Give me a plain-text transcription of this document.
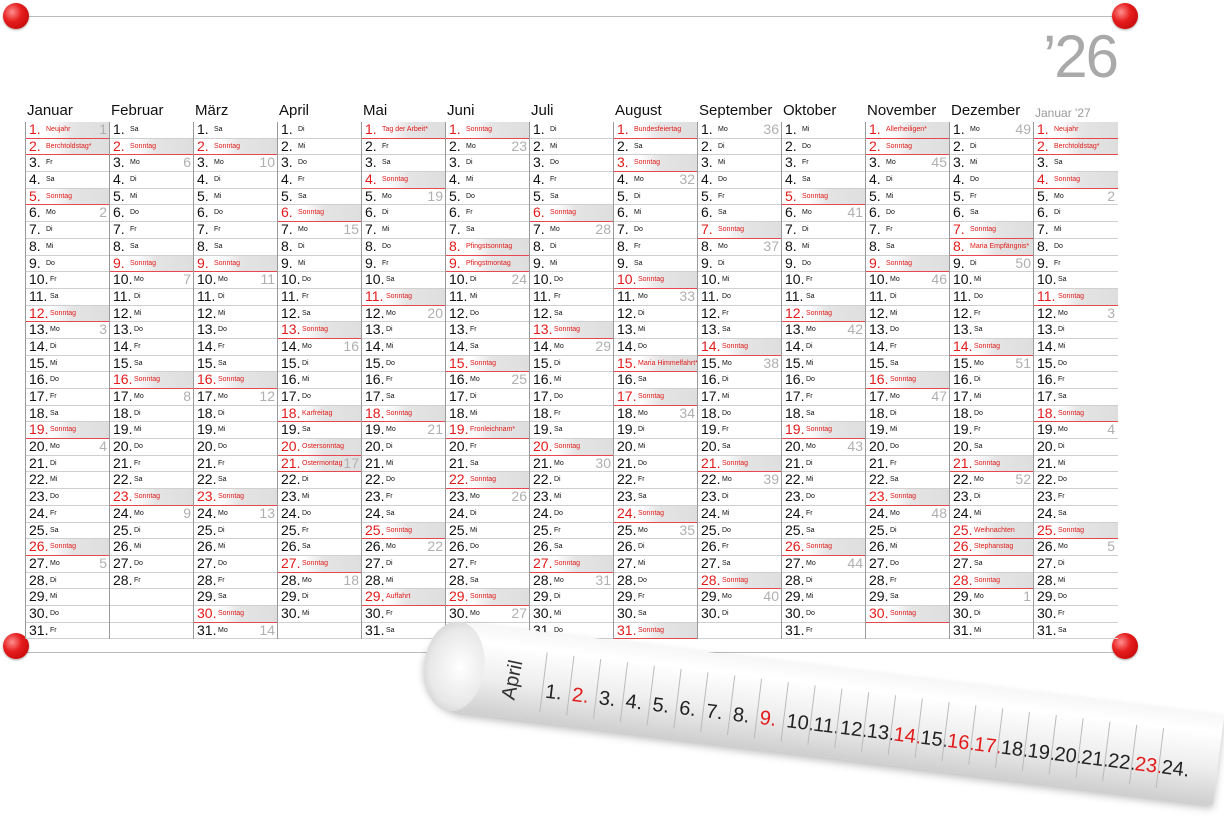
’26
Januar
1. Neujahr 1
2. Berchtoldstag*
3. Fr
4. Sa
5. Sonntag
6. Mo	2
7. Di
8. Mi
9. Do
10. Fr
11. Sa
12. Sonntag
13. Mo	3
14. Di
15. Mi
16. Do
17. Fr
18. Sa
19. Sonntag
20. Mo	4
21. Di
22. Mi
23. Do
24. Fr
25. Sa
26. Sonntag
27. Mo	5
28. Di
29. Mi
30. Do
31. Fr
Februar
1. Sa
2. Sonntag
3. Mo	6
4. Di
5. Mi
6. Do
7. Fr
8. Sa
9. Sonntag
10. Mo	7
11. Di
12. Mi
13. Do
14. Fr
15. Sa
16. Sonntag
17. Mo	8
18. Di
19. Mi
20. Do
21. Fr
22. Sa
23. Sonntag
24. Mo	9
25. Di
26. Mi
27. Do
28. Fr
März
1. Sa
2. Sonntag
3. Mo	10
4. Di
5. Mi
6. Do
7. Fr
8. Sa
9. Sonntag
10. Mo 11
11. Di
12. Mi
13. Do
14. Fr
15. Sa
16. Sonntag
17. Mo 12
18. Di
19. Mi
20. Do
21. Fr
22. Sa
23. Sonntag
24. Mo 13
25. Di
26. Mi
27. Do
28. Fr
29. Sa
30. Sonntag
31. Mo 14
April
1. Di
2. Mi
3. Do
4. Fr
5. Sa
6. Sonntag
7. Mo	15
8. Di
9. Mi
10. Do
11. Fr
12. Sa
13. Sonntag
14. Mo 16
15. Di
16. Mi
17. Do
18. Karfreitag
19. Sa
20. Ostersonntag
21. Ostermontag 17
22. Di
23. Mi
24. Do
25. Fr
26. Sa
27. Sonntag
28. Mo 18
29. Di
30. Mi
Mai
1. Tag der Arbeit*
2. Fr
3. Sa
4. Sonntag
5. Mo	19
6. Di
7. Mi
8. Do
9. Fr
10. Sa
11. Sonntag
12. Mo 20
13. Di
14. Mi
15. Do
16. Fr
17. Sa
18. Sonntag
19. Mo 21
20. Di
21. Mi
22. Do
23. Fr
24. Sa
25. Sonntag
26. Mo 22
27. Di
28. Mi
29. Auffahrt
30. Fr
31. Sa
Juni
1. Sonntag
2. Mo	23
3. Di
4. Mi
5. Do
6. Fr
7. Sa
8. Pfingstsonntag
9. Pfingstmontag
10. Di 24
11. Mi
12. Do
13. Fr
14. Sa
15. Sonntag
16. Mo 25
17. Di
18. Mi
19. Fronleichnam*
20. Fr
21. Sa
22. Sonntag
23. Mo 26
24. Di
25. Mi
26. Do
27. Fr
28. Sa
29. Sonntag
30. Mo 27
Juli
1. Di
2. Mi
3. Do
4. Fr
5. Sa
6. Sonntag
7. Mo	28
8. Di
9. Mi
10. Do
11. Fr
12. Sa
13. Sonntag
14. Mo 29
15. Di
16. Mi
17. Do
18. Fr
19. Sa
20. Sonntag
21. Mo 30
22. Di
23. Mi
24. Do
25. Fr
26. Sa
27. Sonntag
28. Mo 31
29. Di
30. Mi
31. Do
August
1. Bundesfeiertag
2. Sa
3. Sonntag
4. Mo	32
5. Di
6. Mi
7. Do
8. Fr
9. Sa
10. Sonntag
11. Mo 33
12. Di
13. Mi
14. Do
15. Maria Himmelfahrt*
16. Sa
17. Sonntag
18. Mo 34
19. Di
20. Mi
21. Do
22. Fr
23. Sa
24. Sonntag
25. Mo 35
26. Di
27. Mi
28. Do
29. Fr
30. Sa
31. Sonntag
September
1. Mo	36
2. Di
3. Mi
4. Do
5. Fr
6. Sa
7. Sonntag
8. Mo	37
9. Di
10. Mi
11. Do
12. Fr
13. Sa
14. Sonntag
15. Mo 38
16. Di
17. Mi
18. Do
19. Fr
20. Sa
21. Sonntag
22. Mo 39
23. Di
24. Mi
25. Do
26. Fr
27. Sa
28. Sonntag
29. Mo 40
30. Di
Oktober
1. Mi
2. Do
3. Fr
4. Sa
5. Sonntag
6. Mo	41
7. Di
8. Mi
9. Do
10. Fr
11. Sa
12. Sonntag
13. Mo 42
14. Di
15. Mi
16. Do
17. Fr
18. Sa
19. Sonntag
20. Mo 43
21. Di
22. Mi
23. Do
24. Fr
25. Sa
26. Sonntag
27. Mo 44
28. Di
29. Mi
30. Do
31. Fr
November
1. Allerheiligen*
2. Sonntag
3. Mo	45
4. Di
5. Mi
6. Do
7. Fr
8. Sa
9. Sonntag
10. Mo 46
11. Di
12. Mi
13. Do
14. Fr
15. Sa
16. Sonntag
17. Mo 47
18. Di
19. Mi
20. Do
21. Fr
22. Sa
23. Sonntag
24. Mo 48
25. Di
26. Mi
27. Do
28. Fr
29. Sa
30. Sonntag
Dezember
1. Mo	49
2. Di
3. Mi
4. Do
5. Fr
6. Sa
7. Sonntag
8. Maria Empfängnis*
9. Di	50
10. Mi
11. Do
12. Fr
13. Sa
14. Sonntag
15. Mo 51
16. Di
17. Mi
18. Do
19. Fr
20. Sa
21. Sonntag
22. Mo 52
23. Di
24. Mi
25. Weihnachten
26. Stephanstag
27. Sa
28. Sonntag
29. Mo	1
30. Di
31. Mi
Januar '27
1. Neujahr
2. Berchtoldstag*
3. Sa
4. Sonntag
5. Mo	2
6. Di
7. Mi
8. Do
9. Fr
10. Sa
11. Sonntag
12. Mo	3
13. Di
14. Mi
15. Do
16. Fr
17. Sa
18. Sonntag
19. Mo	4
20. Di
21. Mi
22. Do
23. Fr
24. Sa
25. Sonntag
26. Mo	5
27. Di
28. Mi
29. Do
30. Fr
31. Sa
April 1. 2. 3. 4. 5. 6. 7. 8. 9. 10.
11.
12.
13.
14.
15.
16.
17.
18.
19.
20.
21.
22.
23.
24.
